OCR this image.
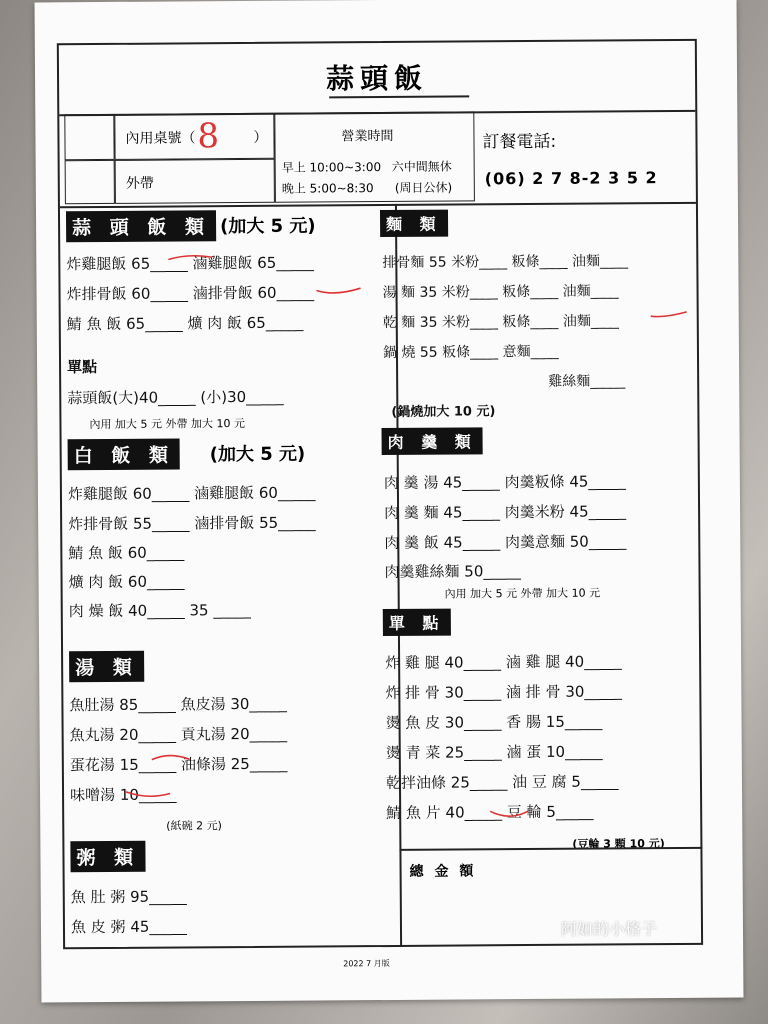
蒜頭飯
內用桌號（	）
外帶
營業時間
早上 10:00~3:00 六中間無休
晚上 5:00~8:30 (周日公休)
訂餐電話:
(06) 2 7 8-2 3 5 2
蒜 頭 飯 類 (加大 5 元)
炸雞腿飯 65_____ 滷雞腿飯 65_____
炸排骨飯 60_____ 滷排骨飯 60_____
鯖 魚 飯 65_____ 爌 肉 飯 65_____
單點
蒜頭飯(大)40_____ (小)30_____
內用 加大 5 元 外帶 加大 10 元
白 飯 類	(加大 5 元)
炸雞腿飯 60_____ 滷雞腿飯 60_____
炸排骨飯 55_____ 滷排骨飯 55_____
鯖 魚 飯 60_____
爌 肉 飯 60_____
肉 燥 飯 40_____ 35 _____
湯 類
魚肚湯 85_____ 魚皮湯 30_____
魚丸湯 20_____ 貢丸湯 20_____
蛋花湯 15_____ 油條湯 25_____
味噌湯 10_____
(紙碗 2 元)
粥 類
魚 肚 粥 95_____
魚 皮 粥 45_____
麵 類
排骨麵 55 米粉____ 粄條____ 油麵____
湯 麵 35 米粉____ 粄條____ 油麵____
乾 麵 35 米粉____ 粄條____ 油麵____
鍋 燒 55 粄條____ 意麵____
雞絲麵_____
(鍋燒加大 10 元)
肉 羹 類
肉 羹 湯 45_____ 肉羹粄條 45_____
肉 羹 麵 45_____ 肉羹米粉 45_____
肉 羹 飯 45_____ 肉羹意麵 50_____
肉羹雞絲麵 50_____
內用 加大 5 元 外帶 加大 10 元
單 點
炸 雞 腿 40_____ 滷 雞 腿 40_____
炸 排 骨 30_____ 滷 排 骨 30_____
燙 魚 皮 30_____ 香 腸 15_____
燙 青 菜 25_____ 滷 蛋 10_____
乾拌油條 25_____ 油 豆 腐 5_____
鯖 魚 片 40_____ 豆 輪 5_____
(豆輪 3 顆 10 元)
總 金 額
8
2022 7 月版
阿如的小格子
